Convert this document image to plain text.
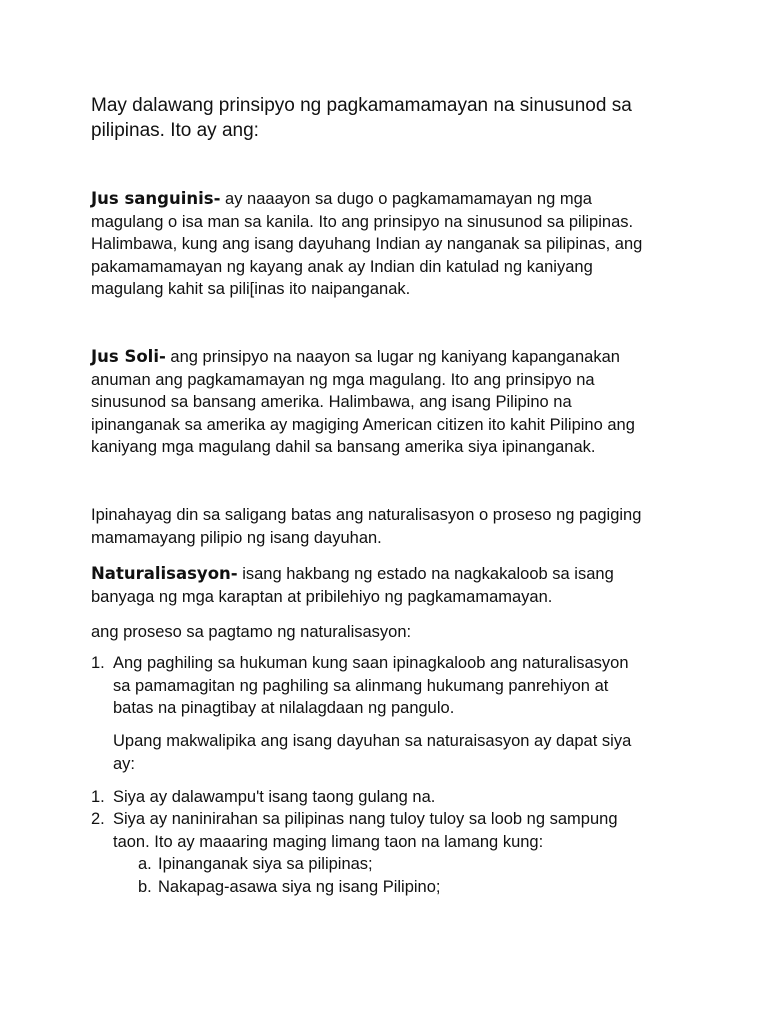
May dalawang prinsipyo ng pagkamamamayan na sinusunod sa
pilipinas. Ito ay ang:
Jus sanguinis- ay naaayon sa dugo o pagkamamamayan ng mga
magulang o isa man sa kanila. Ito ang prinsipyo na sinusunod sa pilipinas.
Halimbawa, kung ang isang dayuhang Indian ay nanganak sa pilipinas, ang
pakamamamayan ng kayang anak ay Indian din katulad ng kaniyang
magulang kahit sa pili[inas ito naipanganak.
Jus Soli- ang prinsipyo na naayon sa lugar ng kaniyang kapanganakan
anuman ang pagkamamayan ng mga magulang. Ito ang prinsipyo na
sinusunod sa bansang amerika. Halimbawa, ang isang Pilipino na
ipinanganak sa amerika ay magiging American citizen ito kahit Pilipino ang
kaniyang mga magulang dahil sa bansang amerika siya ipinanganak.
Ipinahayag din sa saligang batas ang naturalisasyon o proseso ng pagiging
mamamayang pilipio ng isang dayuhan.
Naturalisasyon- isang hakbang ng estado na nagkakaloob sa isang
banyaga ng mga karaptan at pribilehiyo ng pagkamamamayan.
ang proseso sa pagtamo ng naturalisasyon:
1. Ang paghiling sa hukuman kung saan ipinagkaloob ang naturalisasyon
sa pamamagitan ng paghiling sa alinmang hukumang panrehiyon at
batas na pinagtibay at nilalagdaan ng pangulo.
Upang makwalipika ang isang dayuhan sa naturaisasyon ay dapat siya
ay:
1. Siya ay dalawampu't isang taong gulang na.
2. Siya ay naninirahan sa pilipinas nang tuloy tuloy sa loob ng sampung
taon. Ito ay maaaring maging limang taon na lamang kung:
a. Ipinanganak siya sa pilipinas;
b. Nakapag-asawa siya ng isang Pilipino;
